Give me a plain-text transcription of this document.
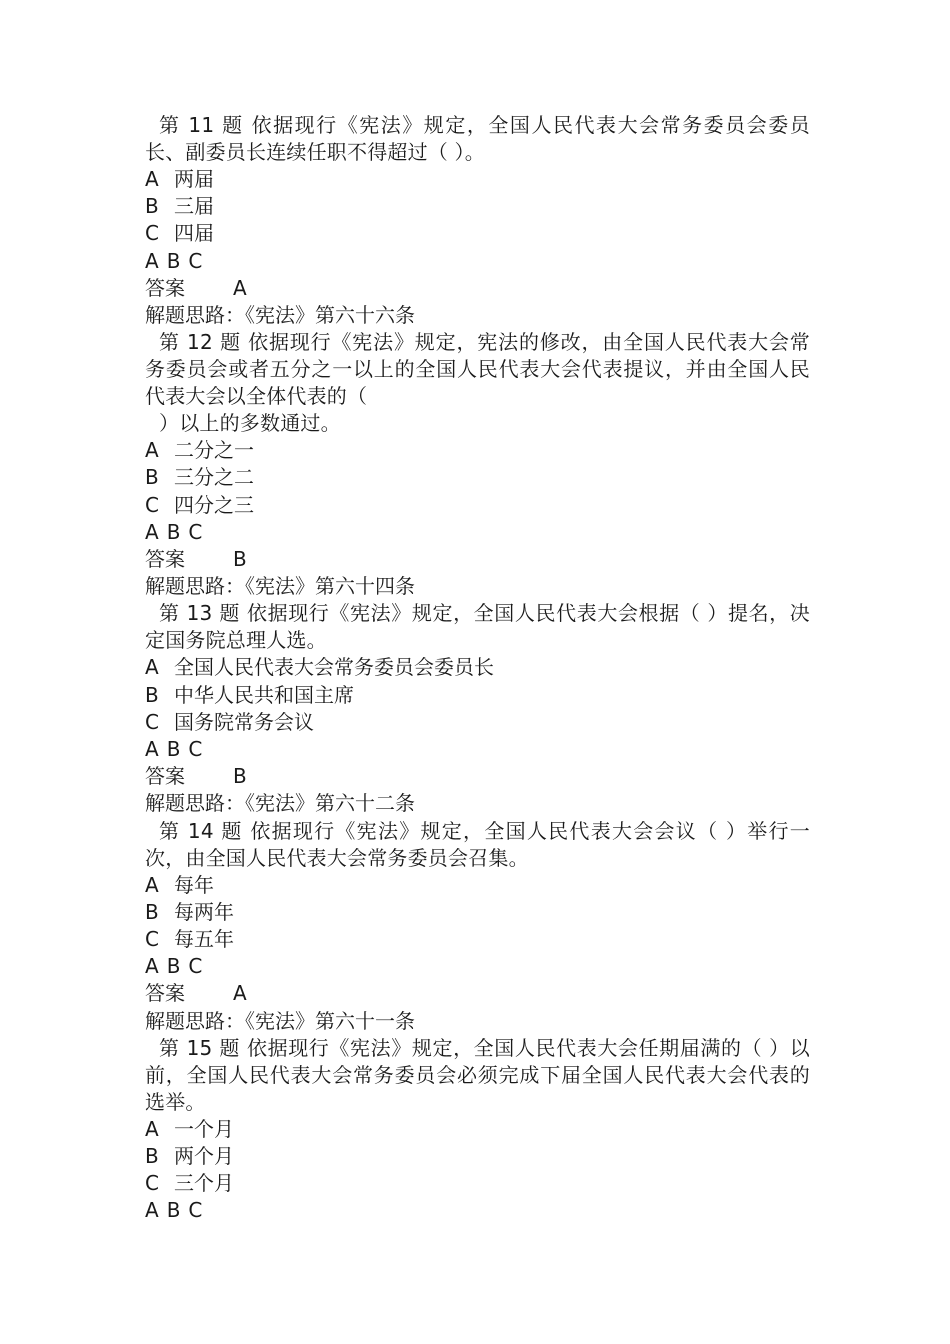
第 11 题 依据现行《宪法》规定，全国人民代表大会常务委员会委员长、副委员长连续任职不得超过（ ）。
A 两届
B 三届
C 四届
A B C
答案 A
解题思路：《宪法》第六十六条
第 12 题 依据现行《宪法》规定，宪法的修改，由全国人民代表大会常务委员会或者五分之一以上的全国人民代表大会代表提议，并由全国人民代表大会以全体代表的（
）以上的多数通过。
A 二分之一
B 三分之二
C 四分之三
A B C
答案 B
解题思路：《宪法》第六十四条
第 13 题 依据现行《宪法》规定，全国人民代表大会根据（ ）提名，决定国务院总理人选。
A 全国人民代表大会常务委员会委员长
B 中华人民共和国主席
C 国务院常务会议
A B C
答案 B
解题思路：《宪法》第六十二条
第 14 题 依据现行《宪法》规定，全国人民代表大会会议（ ）举行一次，由全国人民代表大会常务委员会召集。
A 每年
B 每两年
C 每五年
A B C
答案 A
解题思路：《宪法》第六十一条
第 15 题 依据现行《宪法》规定，全国人民代表大会任期届满的（ ）以前，全国人民代表大会常务委员会必须完成下届全国人民代表大会代表的选举。
A 一个月
B 两个月
C 三个月
A B C
